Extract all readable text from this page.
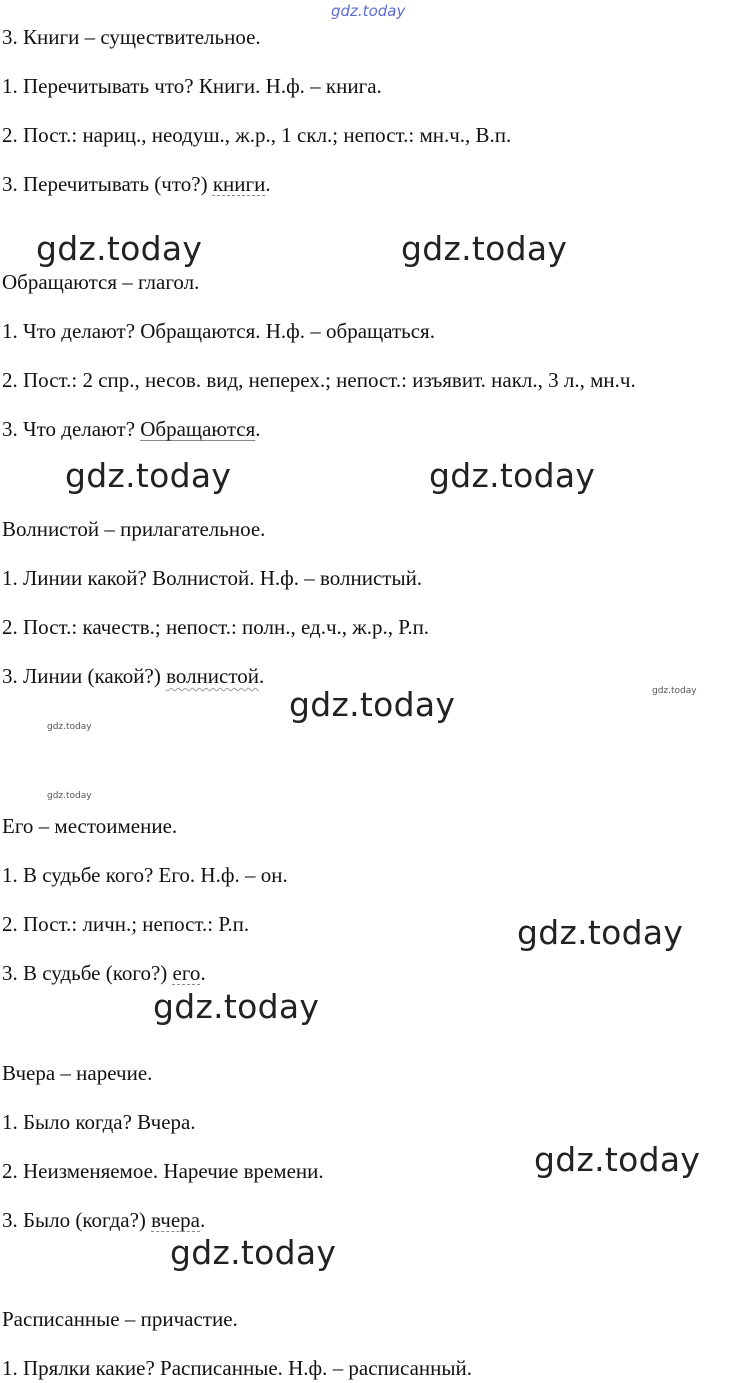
gdz.today
3. Книги – существительное.
1. Перечитывать что? Книги. Н.ф. – книга.
2. Пост.: нариц., неодуш., ж.р., 1 скл.; непост.: мн.ч., В.п.
3. Перечитывать (что?) книги.
gdz.today	gdz.today
Обращаются – глагол.
1. Что делают? Обращаются. Н.ф. – обращаться.
2. Пост.: 2 спр., несов. вид, неперех.; непост.: изъявит. накл., 3 л., мн.ч.
3. Что делают? Обращаются.
gdz.today	gdz.today
Волнистой – прилагательное.
1. Линии какой? Волнистой. Н.ф. – волнистый.
2. Пост.: качеств.; непост.: полн., ед.ч., ж.р., Р.п.
3. Линии (какой?) волнистой.
gdz.today	gdz.today
gdz.today
gdz.today
Его – местоимение.
1. В судьбе кого? Его. Н.ф. – он.
2. Пост.: личн.; непост.: Р.п.	gdz.today
3. В судьбе (кого?) его.
gdz.today
Вчера – наречие.
1. Было когда? Вчера.
2. Неизменяемое. Наречие времени.	gdz.today
3. Было (когда?) вчера.
gdz.today
Расписанные – причастие.
1. Прялки какие? Расписанные. Н.ф. – расписанный.
